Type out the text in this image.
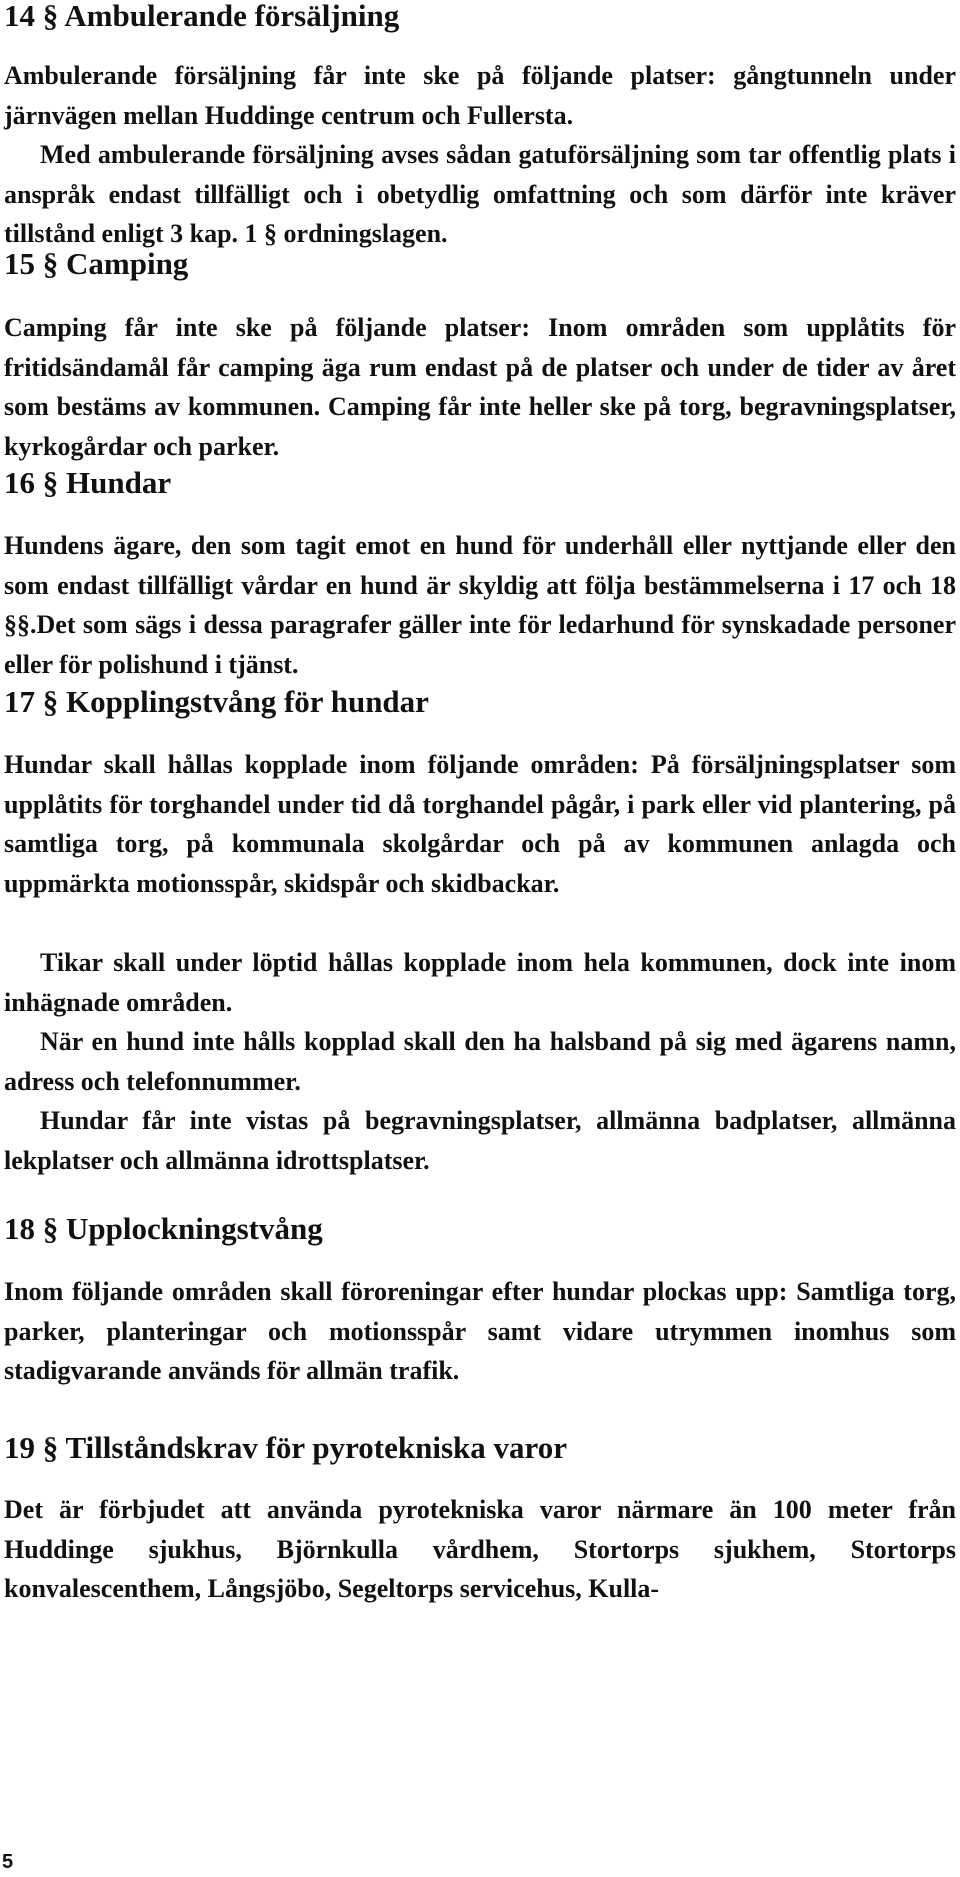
14 § Ambulerande försäljning

Ambulerande försäljning får inte ske på följande platser: gångtunneln under järnvägen mellan Huddinge centrum och Fullersta.

Med ambulerande försäljning avses sådan gatuförsäljning som tar offentlig plats i anspråk endast tillfälligt och i obetydlig omfattning och som därför inte kräver tillstånd enligt 3 kap. 1 § ordningslagen.

15 § Camping

Camping får inte ske på följande platser: Inom områden som upplåtits för fritidsändamål får camping äga rum endast på de platser och under de tider av året som bestäms av kommunen. Camping får inte heller ske på torg, begravningsplatser, kyrkogårdar och parker.

16 § Hundar

Hundens ägare, den som tagit emot en hund för underhåll eller nyttjande eller den som endast tillfälligt vårdar en hund är skyldig att följa bestämmelserna i 17 och 18 §§.Det som sägs i dessa paragrafer gäller inte för ledarhund för synskadade personer eller för polishund i tjänst.

17 § Kopplingstvång för hundar

Hundar skall hållas kopplade inom följande områden: På försäljningsplatser som upplåtits för torghandel under tid då torghandel pågår, i park eller vid plantering, på samtliga torg, på kommunala skolgårdar och på av kommunen anlagda och uppmärkta motionsspår, skidspår och skidbackar.

Tikar skall under löptid hållas kopplade inom hela kommunen, dock inte inom inhägnade områden.

När en hund inte hålls kopplad skall den ha halsband på sig med ägarens namn, adress och telefonnummer.

Hundar får inte vistas på begravningsplatser, allmänna badplatser, allmänna lekplatser och allmänna idrottsplatser.

18 § Upplockningstvång

Inom följande områden skall föroreningar efter hundar plockas upp: Samtliga torg, parker, planteringar och motionsspår samt vidare utrymmen inomhus som stadigvarande används för allmän trafik.

19 § Tillståndskrav för pyrotekniska varor

Det är förbjudet att använda pyrotekniska varor närmare än 100 meter från Huddinge sjukhus, Björnkulla vårdhem, Stortorps sjukhem, Stortorps konvalescenthem, Långsjöbo, Segeltorps servicehus, Kulla-

5
